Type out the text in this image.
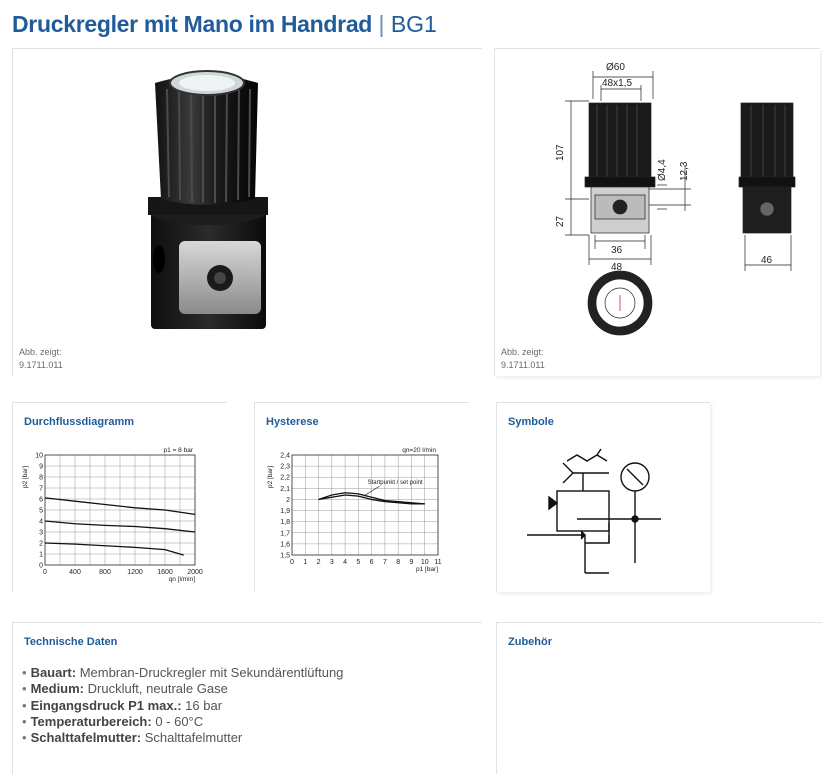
Druckregler mit Mano im Handrad | BG1
Abb. zeigt:
9.1711.011
Ø60
48x1,5
107
27
Ø4,4 12,3
36
48
46
Abb. zeigt:
9.1711.011
Durchflussdiagramm
0	400	800 1200 1600 2000
0
1
2
3
4
5
6
7
8
9
10
qn [l/min]
p2 [bar]
p1 = 8 bar
Hysterese
0 1 2 3 4 5 6 7 8 9 10 11
1,5
1,6
1,7
1,8
1,9
2
2,1
2,2
2,3
2,4
p1 [bar]
p2 [bar]
qn=20 l/min
Startpunkt / set point
Symbole
Technische Daten
• Bauart: Membran-Druckregler mit Sekundärentlüftung
• Medium: Druckluft, neutrale Gase
• Eingangsdruck P1 max.: 16 bar
• Temperaturbereich: 0 - 60°C
• Schalttafelmutter: Schalttafelmutter
Zubehör
